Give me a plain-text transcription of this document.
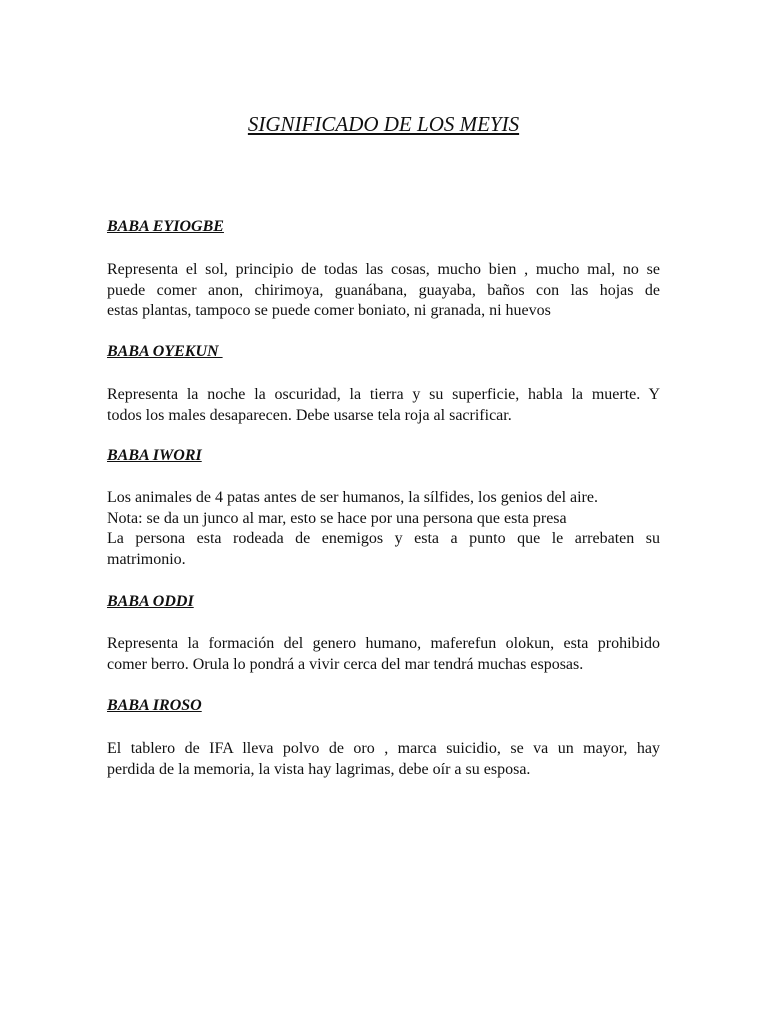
SIGNIFICADO DE LOS MEYIS
BABA EYIOGBE
Representa el sol, principio de todas las cosas, mucho bien , mucho mal, no se
puede comer anon, chirimoya, guanábana, guayaba, baños con las hojas de
estas plantas, tampoco se puede comer boniato, ni granada, ni huevos
BABA OYEKUN
Representa la noche la oscuridad, la tierra y su superficie, habla la muerte. Y
todos los males desaparecen. Debe usarse tela roja al sacrificar.
BABA IWORI
Los animales de 4 patas antes de ser humanos, la sílfides, los genios del aire.
Nota: se da un junco al mar, esto se hace por una persona que esta presa
La persona esta rodeada de enemigos y esta a punto que le arrebaten su
matrimonio.
BABA ODDI
Representa la formación del genero humano, maferefun olokun, esta prohibido
comer berro. Orula lo pondrá a vivir cerca del mar tendrá muchas esposas.
BABA IROSO
El tablero de IFA lleva polvo de oro , marca suicidio, se va un mayor, hay
perdida de la memoria, la vista hay lagrimas, debe oír a su esposa.
